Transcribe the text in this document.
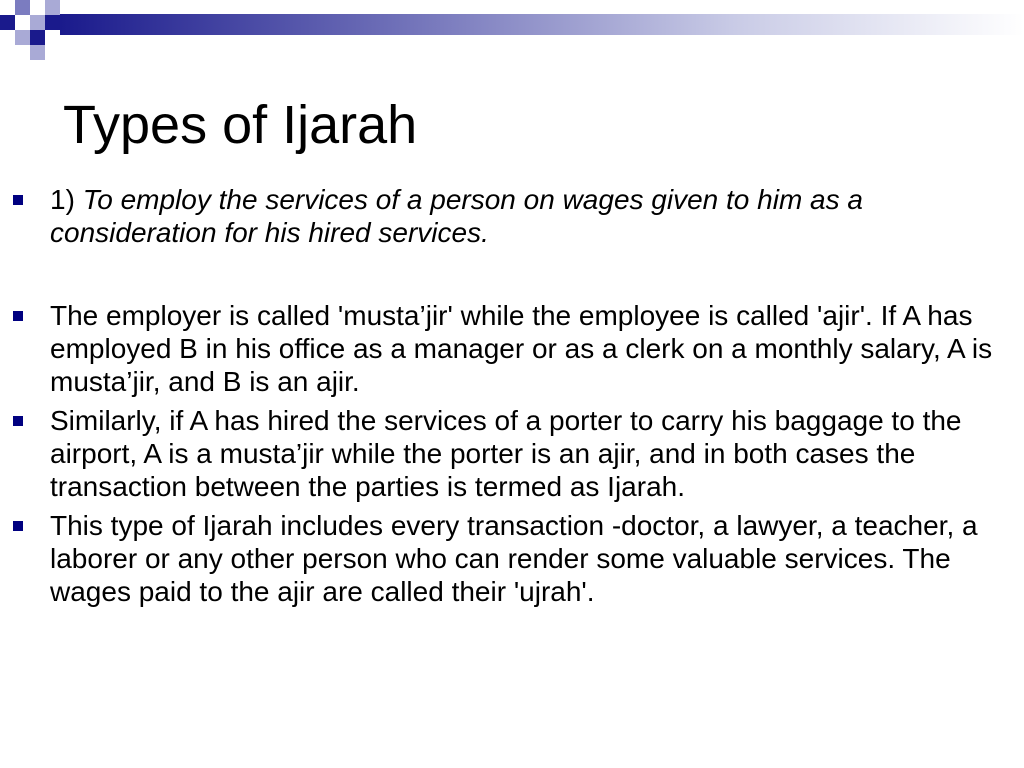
Types of Ijarah
1) To employ the services of a person on wages given to him as a consideration for his hired services.
The employer is called 'musta’jir' while the employee is called 'ajir'. If A has employed B in his office as a manager or as a clerk on a monthly salary, A is musta’jir, and B is an ajir.
Similarly, if A has hired the services of a porter to carry his baggage to the airport, A is a musta’jir while the porter is an ajir, and in both cases the transaction between the parties is termed as Ijarah.
This type of Ijarah includes every transaction -doctor, a lawyer, a teacher, a laborer or any other person who can render some valuable services. The wages paid to the ajir are called their 'ujrah'.
